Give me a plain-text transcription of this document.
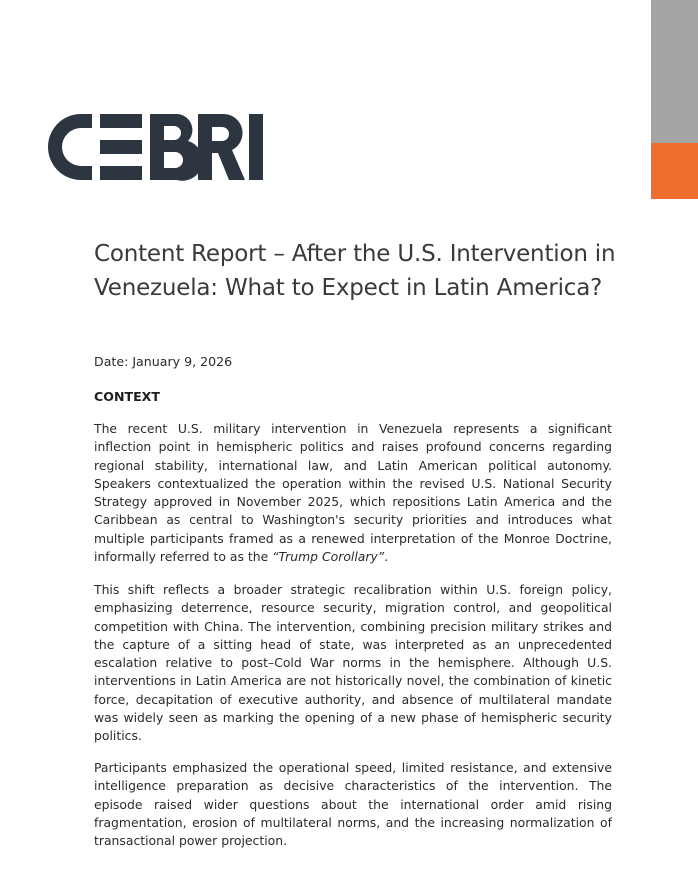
Content Report – After the U.S. Intervention in Venezuela: What to Expect in Latin America?

Date: January 9, 2026

CONTEXT

The recent U.S. military intervention in Venezuela represents a significant inflection point in hemispheric politics and raises profound concerns regarding regional stability, international law, and Latin American political autonomy. Speakers contextualized the operation within the revised U.S. National Security Strategy approved in November 2025, which repositions Latin America and the Caribbean as central to Washington's security priorities and introduces what multiple participants framed as a renewed interpretation of the Monroe Doctrine, informally referred to as the “Trump Corollary”.

This shift reflects a broader strategic recalibration within U.S. foreign policy, emphasizing deterrence, resource security, migration control, and geopolitical competition with China. The intervention, combining precision military strikes and the capture of a sitting head of state, was interpreted as an unprecedented escalation relative to post–Cold War norms in the hemisphere. Although U.S. interventions in Latin America are not historically novel, the combination of kinetic force, decapitation of executive authority, and absence of multilateral mandate was widely seen as marking the opening of a new phase of hemispheric security politics.

Participants emphasized the operational speed, limited resistance, and extensive intelligence preparation as decisive characteristics of the intervention. The episode raised wider questions about the international order amid rising fragmentation, erosion of multilateral norms, and the increasing normalization of transactional power projection.
